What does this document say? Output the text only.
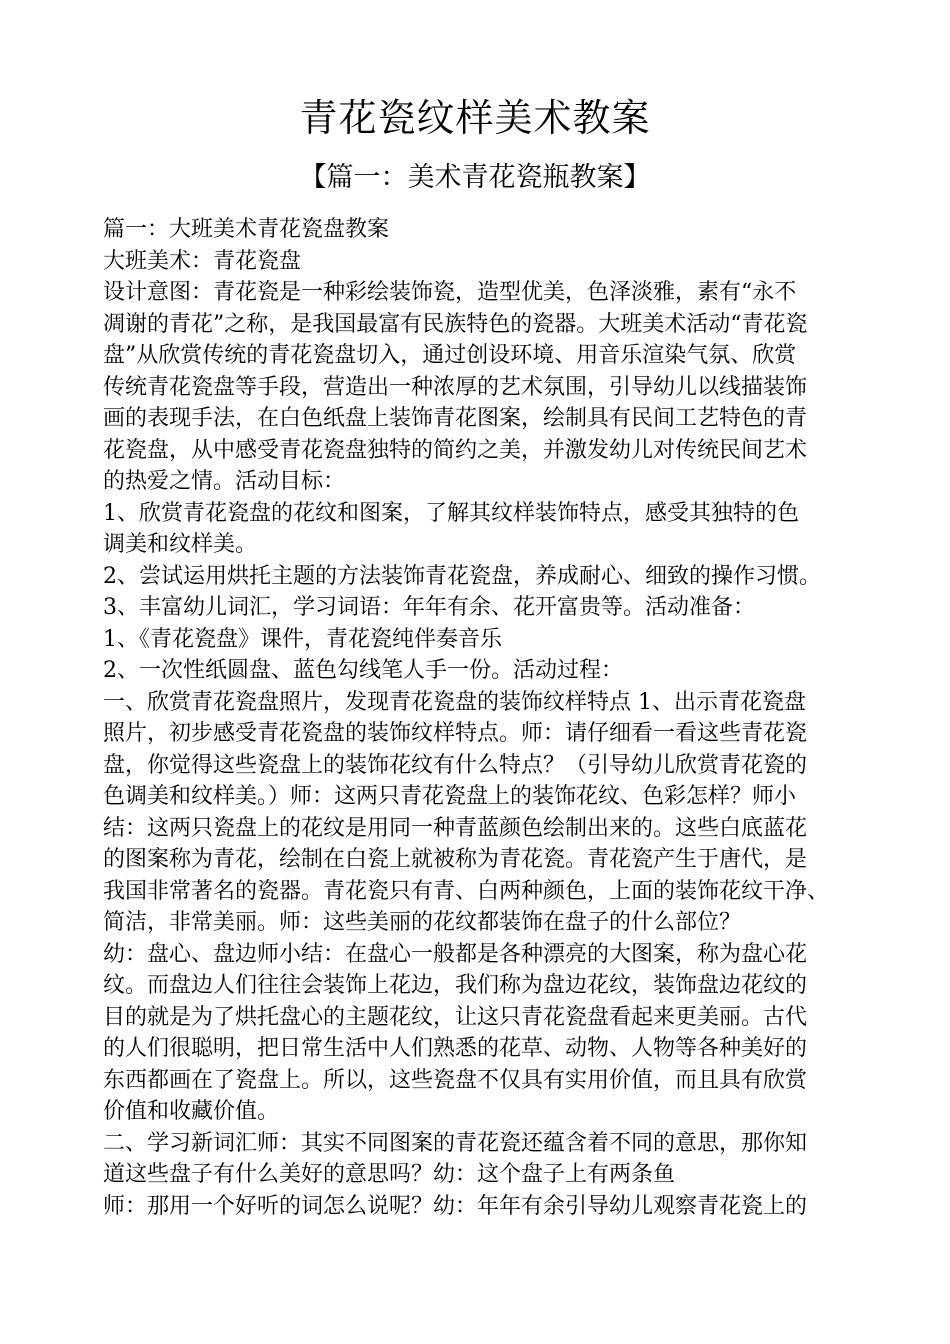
青花瓷纹样美术教案
【篇一：美术青花瓷瓶教案】
篇一：大班美术青花瓷盘教案
大班美术：青花瓷盘
设计意图：青花瓷是一种彩绘装饰瓷，造型优美，色泽淡雅，素有“永不
凋谢的青花”之称，是我国最富有民族特色的瓷器。大班美术活动“青花瓷
盘”从欣赏传统的青花瓷盘切入，通过创设环境、用音乐渲染气氛、欣赏
传统青花瓷盘等手段，营造出一种浓厚的艺术氛围，引导幼儿以线描装饰
画的表现手法，在白色纸盘上装饰青花图案，绘制具有民间工艺特色的青
花瓷盘，从中感受青花瓷盘独特的简约之美，并激发幼儿对传统民间艺术
的热爱之情。活动目标：
1、欣赏青花瓷盘的花纹和图案，了解其纹样装饰特点，感受其独特的色
调美和纹样美。
2、尝试运用烘托主题的方法装饰青花瓷盘，养成耐心、细致的操作习惯。
3、丰富幼儿词汇，学习词语：年年有余、花开富贵等。活动准备：
1、《青花瓷盘》课件，青花瓷纯伴奏音乐
2、一次性纸圆盘、蓝色勾线笔人手一份。活动过程：
一、欣赏青花瓷盘照片，发现青花瓷盘的装饰纹样特点 1、出示青花瓷盘
照片，初步感受青花瓷盘的装饰纹样特点。师：请仔细看一看这些青花瓷
盘，你觉得这些瓷盘上的装饰花纹有什么特点？（引导幼儿欣赏青花瓷的
色调美和纹样美。）师：这两只青花瓷盘上的装饰花纹、色彩怎样？师小
结：这两只瓷盘上的花纹是用同一种青蓝颜色绘制出来的。这些白底蓝花
的图案称为青花，绘制在白瓷上就被称为青花瓷。青花瓷产生于唐代，是
我国非常著名的瓷器。青花瓷只有青、白两种颜色，上面的装饰花纹干净、
简洁，非常美丽。师：这些美丽的花纹都装饰在盘子的什么部位？
幼：盘心、盘边师小结：在盘心一般都是各种漂亮的大图案，称为盘心花
纹。而盘边人们往往会装饰上花边，我们称为盘边花纹，装饰盘边花纹的
目的就是为了烘托盘心的主题花纹，让这只青花瓷盘看起来更美丽。古代
的人们很聪明，把日常生活中人们熟悉的花草、动物、人物等各种美好的
东西都画在了瓷盘上。所以，这些瓷盘不仅具有实用价值，而且具有欣赏
价值和收藏价值。
二、学习新词汇师：其实不同图案的青花瓷还蕴含着不同的意思，那你知
道这些盘子有什么美好的意思吗？幼：这个盘子上有两条鱼
师：那用一个好听的词怎么说呢？幼：年年有余引导幼儿观察青花瓷上的
